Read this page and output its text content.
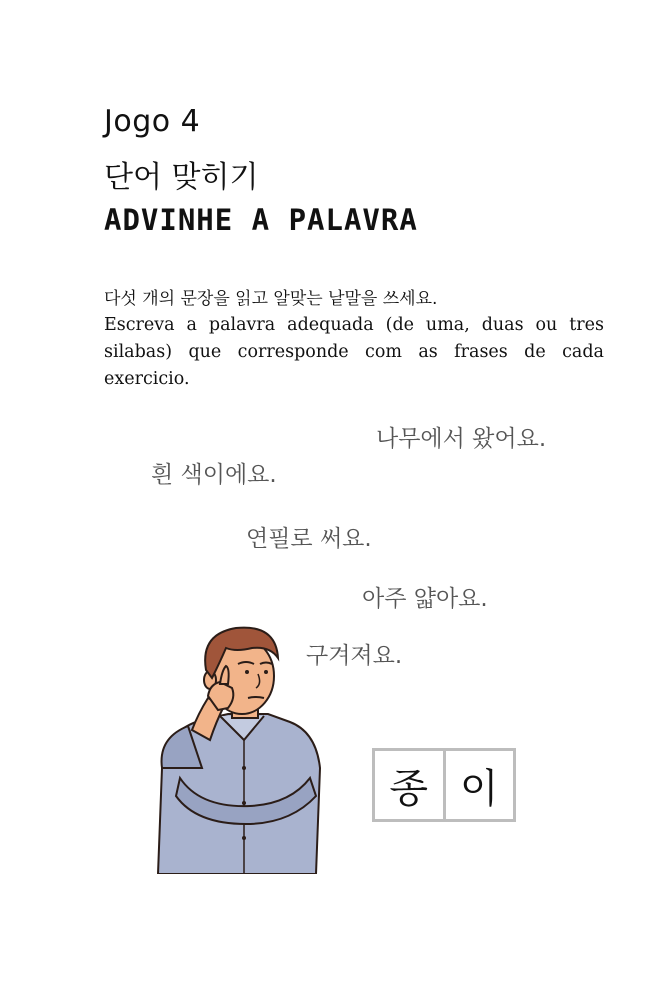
Jogo 4
단어 맞히기
ADVINHE A PALAVRA
다섯 개의 문장을 읽고 알맞는 낱말을 쓰세요.
Escreva a palavra adequada (de uma, duas ou tres silabas) que corresponde com as frases de cada exercicio.
나무에서 왔어요.
흰 색이에요.
연필로 써요.
아주 얇아요.
구겨져요.
종 이
